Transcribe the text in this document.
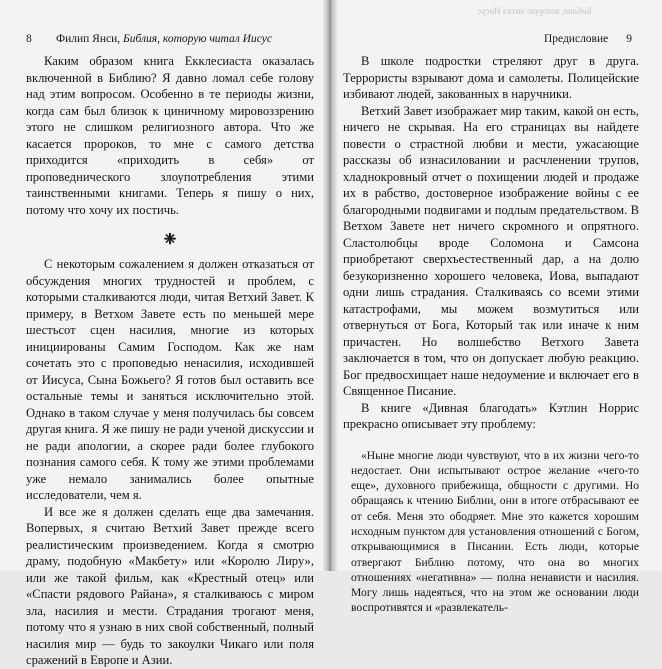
8 Филип Янси, Библия, которую читал Иисус

Каким образом книга Екклесиаста оказалась включенной в Библию? Я давно ломал себе голову над этим вопросом. Особенно в те периоды жизни, когда сам был близок к циничному мировоззрению этого не слишком религиозного автора. Что же касается пророков, то мне с самого детства приходится «приходить в себя» от проповеднического злоупотребления этими таинственными книгами. Теперь я пишу о них, потому что хочу их постичь.

❈

С некоторым сожалением я должен отказаться от обсуждения многих трудностей и проблем, с которыми сталкиваются люди, читая Ветхий Завет. К примеру, в Ветхом Завете есть по меньшей мере шестьсот сцен насилия, многие из которых инициированы Самим Господом. Как же нам сочетать это с проповедью ненасилия, исходившей от Иисуса, Сына Божьего? Я готов был оставить все остальные темы и заняться исключительно этой. Однако в таком случае у меня получилась бы совсем другая книга. Я же пишу не ради ученой дискуссии и не ради апологии, а скорее ради более глубокого познания самого себя. К тому же этими проблемами уже немало занимались более опытные исследователи, чем я.

И все же я должен сделать еще два замечания. Вопервых, я считаю Ветхий Завет прежде всего реалистическим произведением. Когда я смотрю драму, подобную «Макбету» или «Королю Лиру», или же такой фильм, как «Крестный отец» или «Спасти рядового Райана», я сталкиваюсь с миром зла, насилия и мести. Страдания трогают меня, потому что я узнаю в них свой собственный, полный насилия мир — будь то закоулки Чикаго или поля сражений в Европе и Азии.

Библия, которую читал Иисус
Предисловие 9

В школе подростки стреляют друг в друга. Террористы взрывают дома и самолеты. Полицейские избивают людей, закованных в наручники.

Ветхий Завет изображает мир таким, какой он есть, ничего не скрывая. На его страницах вы найдете повести о страстной любви и мести, ужасающие рассказы об изнасиловании и расчленении трупов, хладнокровный отчет о похищении людей и продаже их в рабство, достоверное изображение войны с ее благородными подвигами и подлым предательством. В Ветхом Завете нет ничего скромного и опрятного. Сластолюбцы вроде Соломона и Самсона приобретают сверхъестественный дар, а на долю безукоризненно хорошего человека, Иова, выпадают одни лишь страдания. Сталкиваясь со всеми этими катастрофами, мы можем возмутиться или отвернуться от Бога, Который так или иначе к ним причастен. Но волшебство Ветхого Завета заключается в том, что он допускает любую реакцию. Бог предвосхищает наше недоумение и включает его в Священное Писание.

В книге «Дивная благодать» Кэтлин Норрис прекрасно описывает эту проблему:

«Ныне многие люди чувствуют, что в их жизни чего-то недостает. Они испытывают острое желание «чего-то еще», духовного прибежища, общности с другими. Но обращаясь к чтению Библии, они в итоге отбрасывают ее от себя. Меня это ободряет. Мне это кажется хорошим исходным пунктом для установления отношений с Богом, открывающимися в Писании. Есть люди, которые отвергают Библию потому, что она во многих отношениях «негативна» — полна ненависти и насилия. Могу лишь надеяться, что на этом же основании люди воспротивятся и «развлекатель-
